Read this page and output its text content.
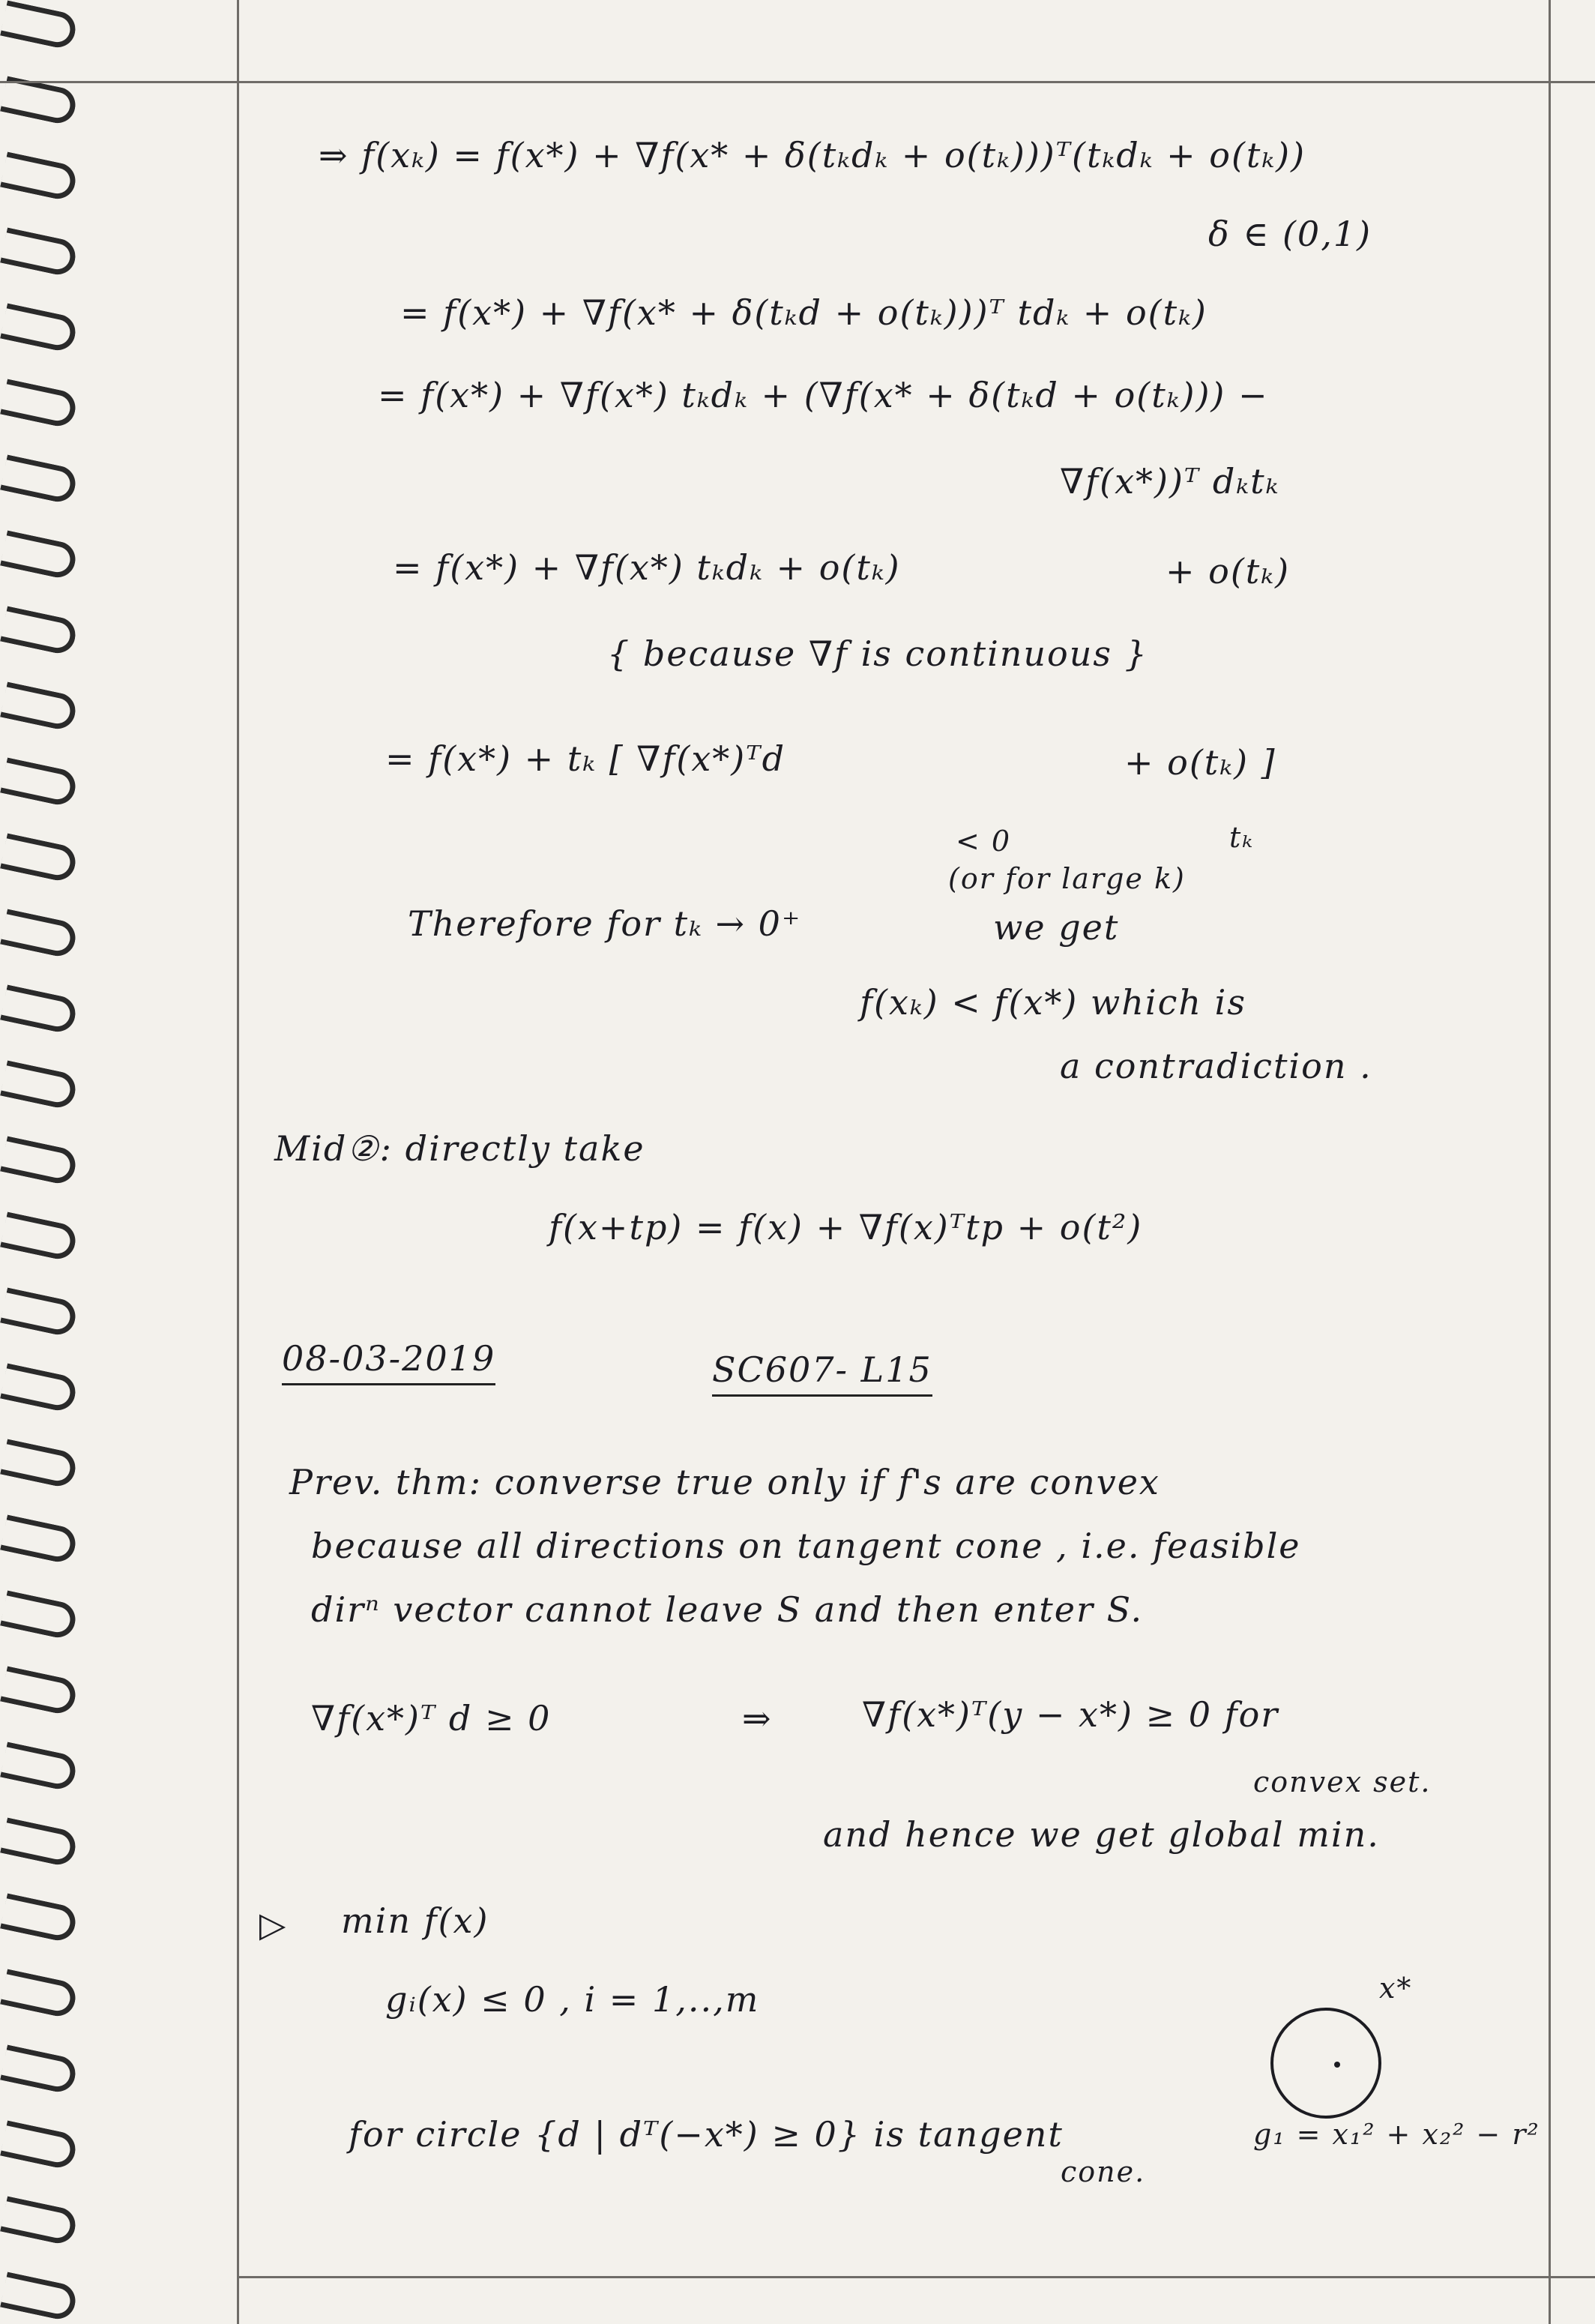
⇒ f(xₖ) = f(x*) + ∇f(x* + δ(tₖdₖ + o(tₖ)))ᵀ(tₖdₖ + o(tₖ))
δ ∈ (0,1)
= f(x*) + ∇f(x* + δ(tₖd + o(tₖ)))ᵀ tdₖ + o(tₖ)
= f(x*) + ∇f(x*) tₖdₖ + (∇f(x* + δ(tₖd + o(tₖ))) −
∇f(x*))ᵀ dₖtₖ
= f(x*) + ∇f(x*) tₖdₖ + o(tₖ)	+ o(tₖ)
{ because ∇f is continuous }
= f(x*) + tₖ [ ∇f(x*)ᵀd	+ o(tₖ) ]
tₖ
< 0
(or for large k)
Therefore for tₖ → 0⁺	we get
f(xₖ) < f(x*) which is
a contradiction .
Mid②: directly take
f(x+tp) = f(x) + ∇f(x)ᵀtp + o(t²)
08-03-2019	SC607- L15
Prev. thm: converse true only if f's are convex
because all directions on tangent cone , i.e. feasible
dirⁿ vector cannot leave S and then enter S.
∇f(x*)ᵀ d ≥ 0	⇒	∇f(x*)ᵀ(y − x*) ≥ 0 for
convex set.
and hence we get global min.
▷ min f(x)
gᵢ(x) ≤ 0 , i = 1,..,m
for circle {d | dᵀ(−x*) ≥ 0} is tangent
cone.
x*
g₁ = x₁² + x₂² − r²
